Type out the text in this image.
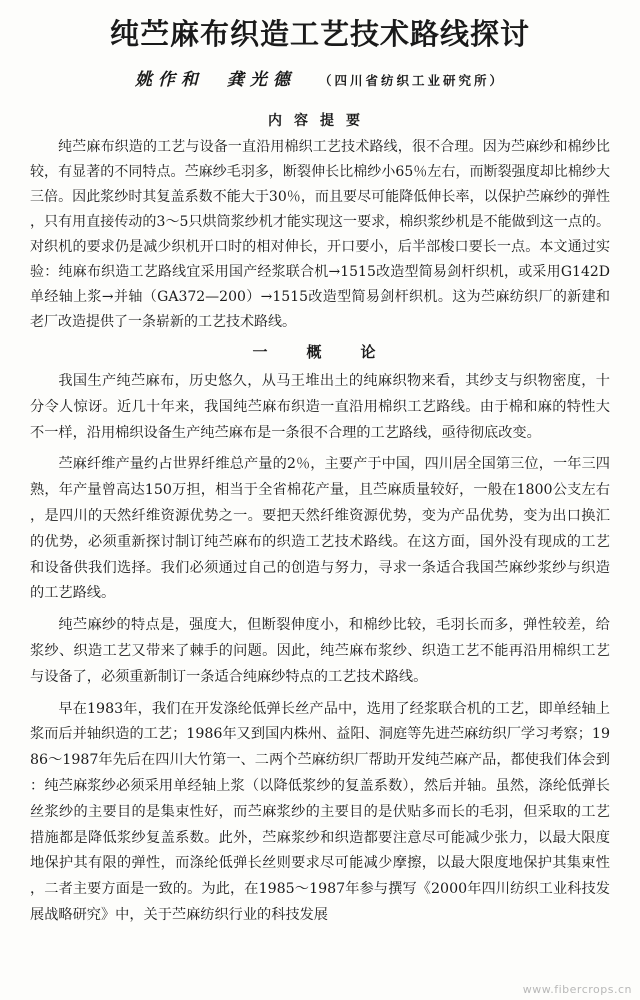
纯苎麻布织造工艺技术路线探讨
姚作和　龚光德 （四川省纺织工业研究所）
内容提要

纯苎麻布织造的工艺与设备一直沿用棉织工艺技术路线，很不合理。因为苎麻纱和棉纱比较，有显著的不同特点。苎麻纱毛羽多，断裂伸长比棉纱小65％左右，而断裂强度却比棉纱大三倍。因此浆纱时其复盖系数不能大于30％，而且要尽可能降低伸长率，以保护苎麻纱的弹性，只有用直接传动的3～5只烘筒浆纱机才能实现这一要求，棉织浆纱机是不能做到这一点的。对织机的要求仍是减少织机开口时的相对伸长，开口要小，后半部梭口要长一点。本文通过实验：纯麻布织造工艺路线宜采用国产经浆联合机→1515改造型简易剑杆织机，或采用G142D单经轴上浆→并轴（GA372—200）→1515改造型简易剑杆织机。这为苎麻纺织厂的新建和老厂改造提供了一条崭新的工艺技术路线。

一　概　论

我国生产纯苎麻布，历史悠久，从马王堆出土的纯麻织物来看，其纱支与织物密度，十分令人惊讶。近几十年来，我国纯苎麻布织造一直沿用棉织工艺路线。由于棉和麻的特性大不一样，沿用棉织设备生产纯苎麻布是一条很不合理的工艺路线，亟待彻底改变。

苎麻纤维产量约占世界纤维总产量的2％，主要产于中国，四川居全国第三位，一年三四熟，年产量曾高达150万担，相当于全省棉花产量，且苎麻质量较好，一般在1800公支左右，是四川的天然纤维资源优势之一。要把天然纤维资源优势，变为产品优势，变为出口换汇的优势，必须重新探讨制订纯苎麻布的织造工艺技术路线。在这方面，国外没有现成的工艺和设备供我们选择。我们必须通过自己的创造与努力，寻求一条适合我国苎麻纱浆纱与织造的工艺路线。

纯苎麻纱的特点是，强度大，但断裂伸度小，和棉纱比较，毛羽长而多，弹性较差，给浆纱、织造工艺又带来了棘手的问题。因此，纯苎麻布浆纱、织造工艺不能再沿用棉织工艺与设备了，必须重新制订一条适合纯麻纱特点的工艺技术路线。

早在1983年，我们在开发涤纶低弹长丝产品中，选用了经浆联合机的工艺，即单经轴上浆而后并轴织造的工艺；1986年又到国内株州、益阳、洞庭等先进苎麻纺织厂学习考察；1986～1987年先后在四川大竹第一、二两个苎麻纺织厂帮助开发纯苎麻产品，都使我们体会到：纯苎麻浆纱必须采用单经轴上浆（以降低浆纱的复盖系数），然后并轴。虽然，涤纶低弹长丝浆纱的主要目的是集束性好，而苎麻浆纱的主要目的是伏贴多而长的毛羽，但采取的工艺措施都是降低浆纱复盖系数。此外，苎麻浆纱和织造都要注意尽可能减少张力，以最大限度地保护其有限的弹性，而涤纶低弹长丝则要求尽可能减少摩擦，以最大限度地保护其集束性，二者主要方面是一致的。为此，在1985～1987年参与撰写《2000年四川纺织工业科技发展战略研究》中，关于苎麻纺织行业的科技发展

www.fibercrops.cn
